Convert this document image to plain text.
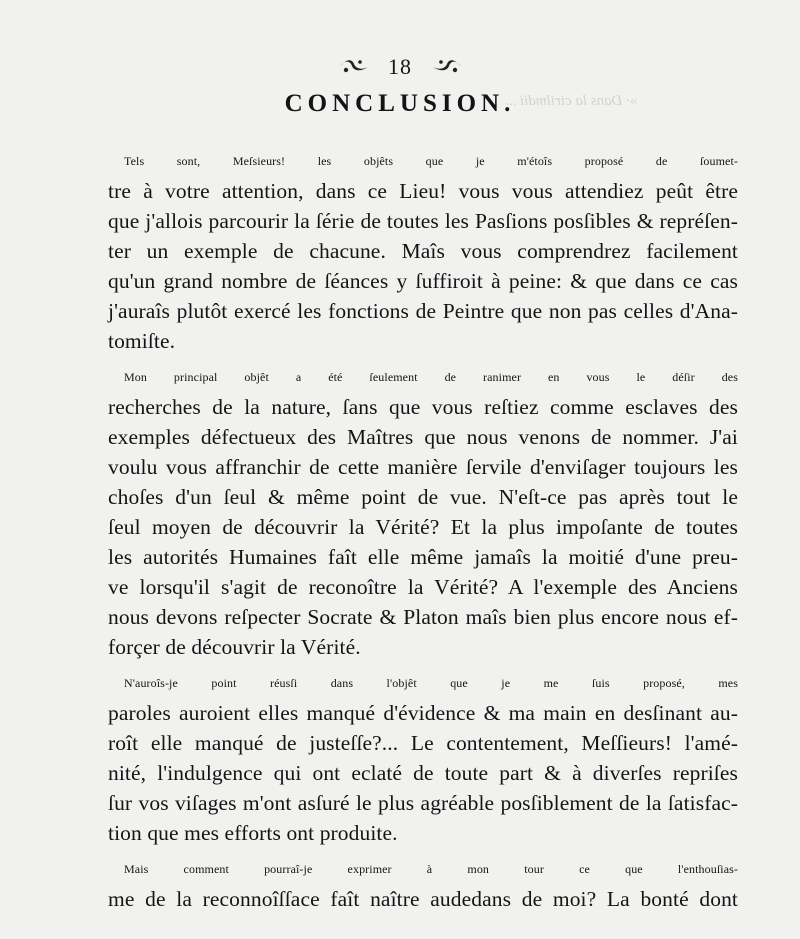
»· Dans la cirilmdii ...
18
CONCLUSION.
Tels sont, Meſsieurs! les objêts que je m'étoîs proposé de ſoumet-
tre à votre attention, dans ce Lieu! vous vous attendiez peût être
que j'allois parcourir la ſérie de toutes les Pasſions posſibles & repréſen-
ter un exemple de chacune. Maîs vous comprendrez facilement
qu'un grand nombre de ſéances y ſuffiroit à peine: & que dans ce cas
j'auraîs plutôt exercé les fonctions de Peintre que non pas celles d'Ana-
tomiſte.
Mon principal objêt a été ſeulement de ranimer en vous le déſir des
recherches de la nature, ſans que vous reſtiez comme esclaves des
exemples défectueux des Maîtres que nous venons de nommer. J'ai
voulu vous affranchir de cette manière ſervile d'enviſager toujours les
choſes d'un ſeul & même point de vue. N'eſt-ce pas après tout le
ſeul moyen de découvrir la Vérité? Et la plus impoſante de toutes
les autorités Humaines faît elle même jamaîs la moitié d'une preu-
ve lorsqu'il s'agit de reconoître la Vérité? A l'exemple des Anciens
nous devons reſpecter Socrate & Platon maîs bien plus encore nous ef-
forçer de découvrir la Vérité.
N'auroîs-je point réusſi dans l'objêt que je me ſuis proposé, mes
paroles auroient elles manqué d'évidence & ma main en desſinant au-
roît elle manqué de justeſſe?... Le contentement, Meſſieurs! l'amé-
nité, l'indulgence qui ont eclaté de toute part & à diverſes repriſes
ſur vos viſages m'ont asſuré le plus agréable posſiblement de la ſatisfac-
tion que mes efforts ont produite.
Mais comment pourraî-je exprimer à mon tour ce que l'enthouſias-
me de la reconnoîſſace faît naître audedans de moi? La bonté dont
